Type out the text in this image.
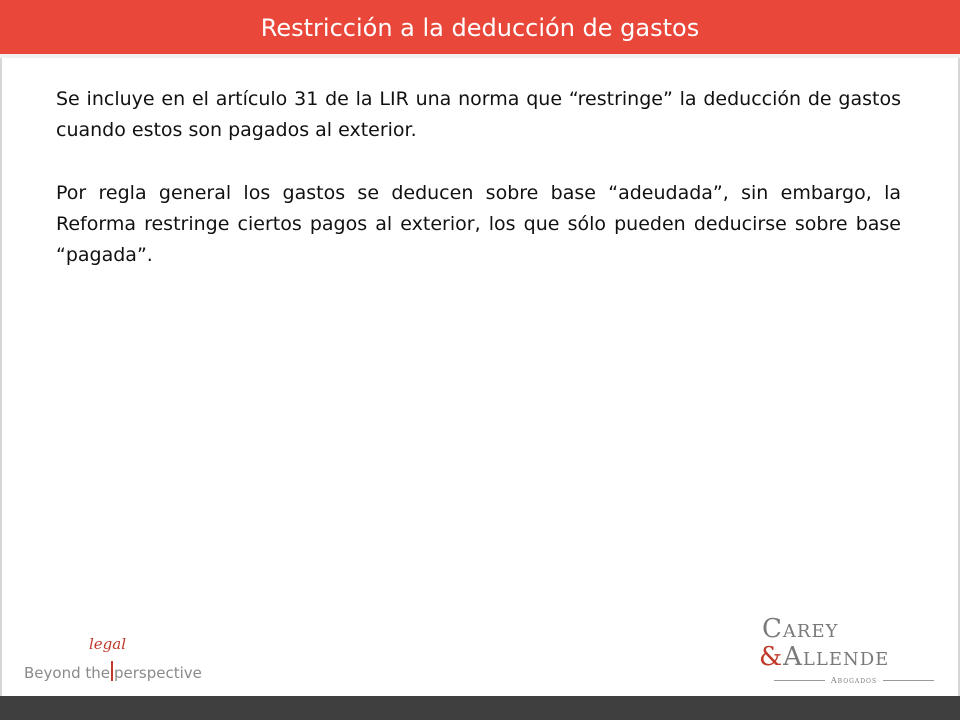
Restricción a la deducción de gastos

Se incluye en el artículo 31 de la LIR una norma que “restringe” la deducción de gastos cuando estos son pagados al exterior.

Por regla general los gastos se deducen sobre base “adeudada”, sin embargo, la Reforma restringe ciertos pagos al exterior, los que sólo pueden deducirse sobre base “pagada”.

legal
Beyond the perspective
Carey
&Allende
Abogados
